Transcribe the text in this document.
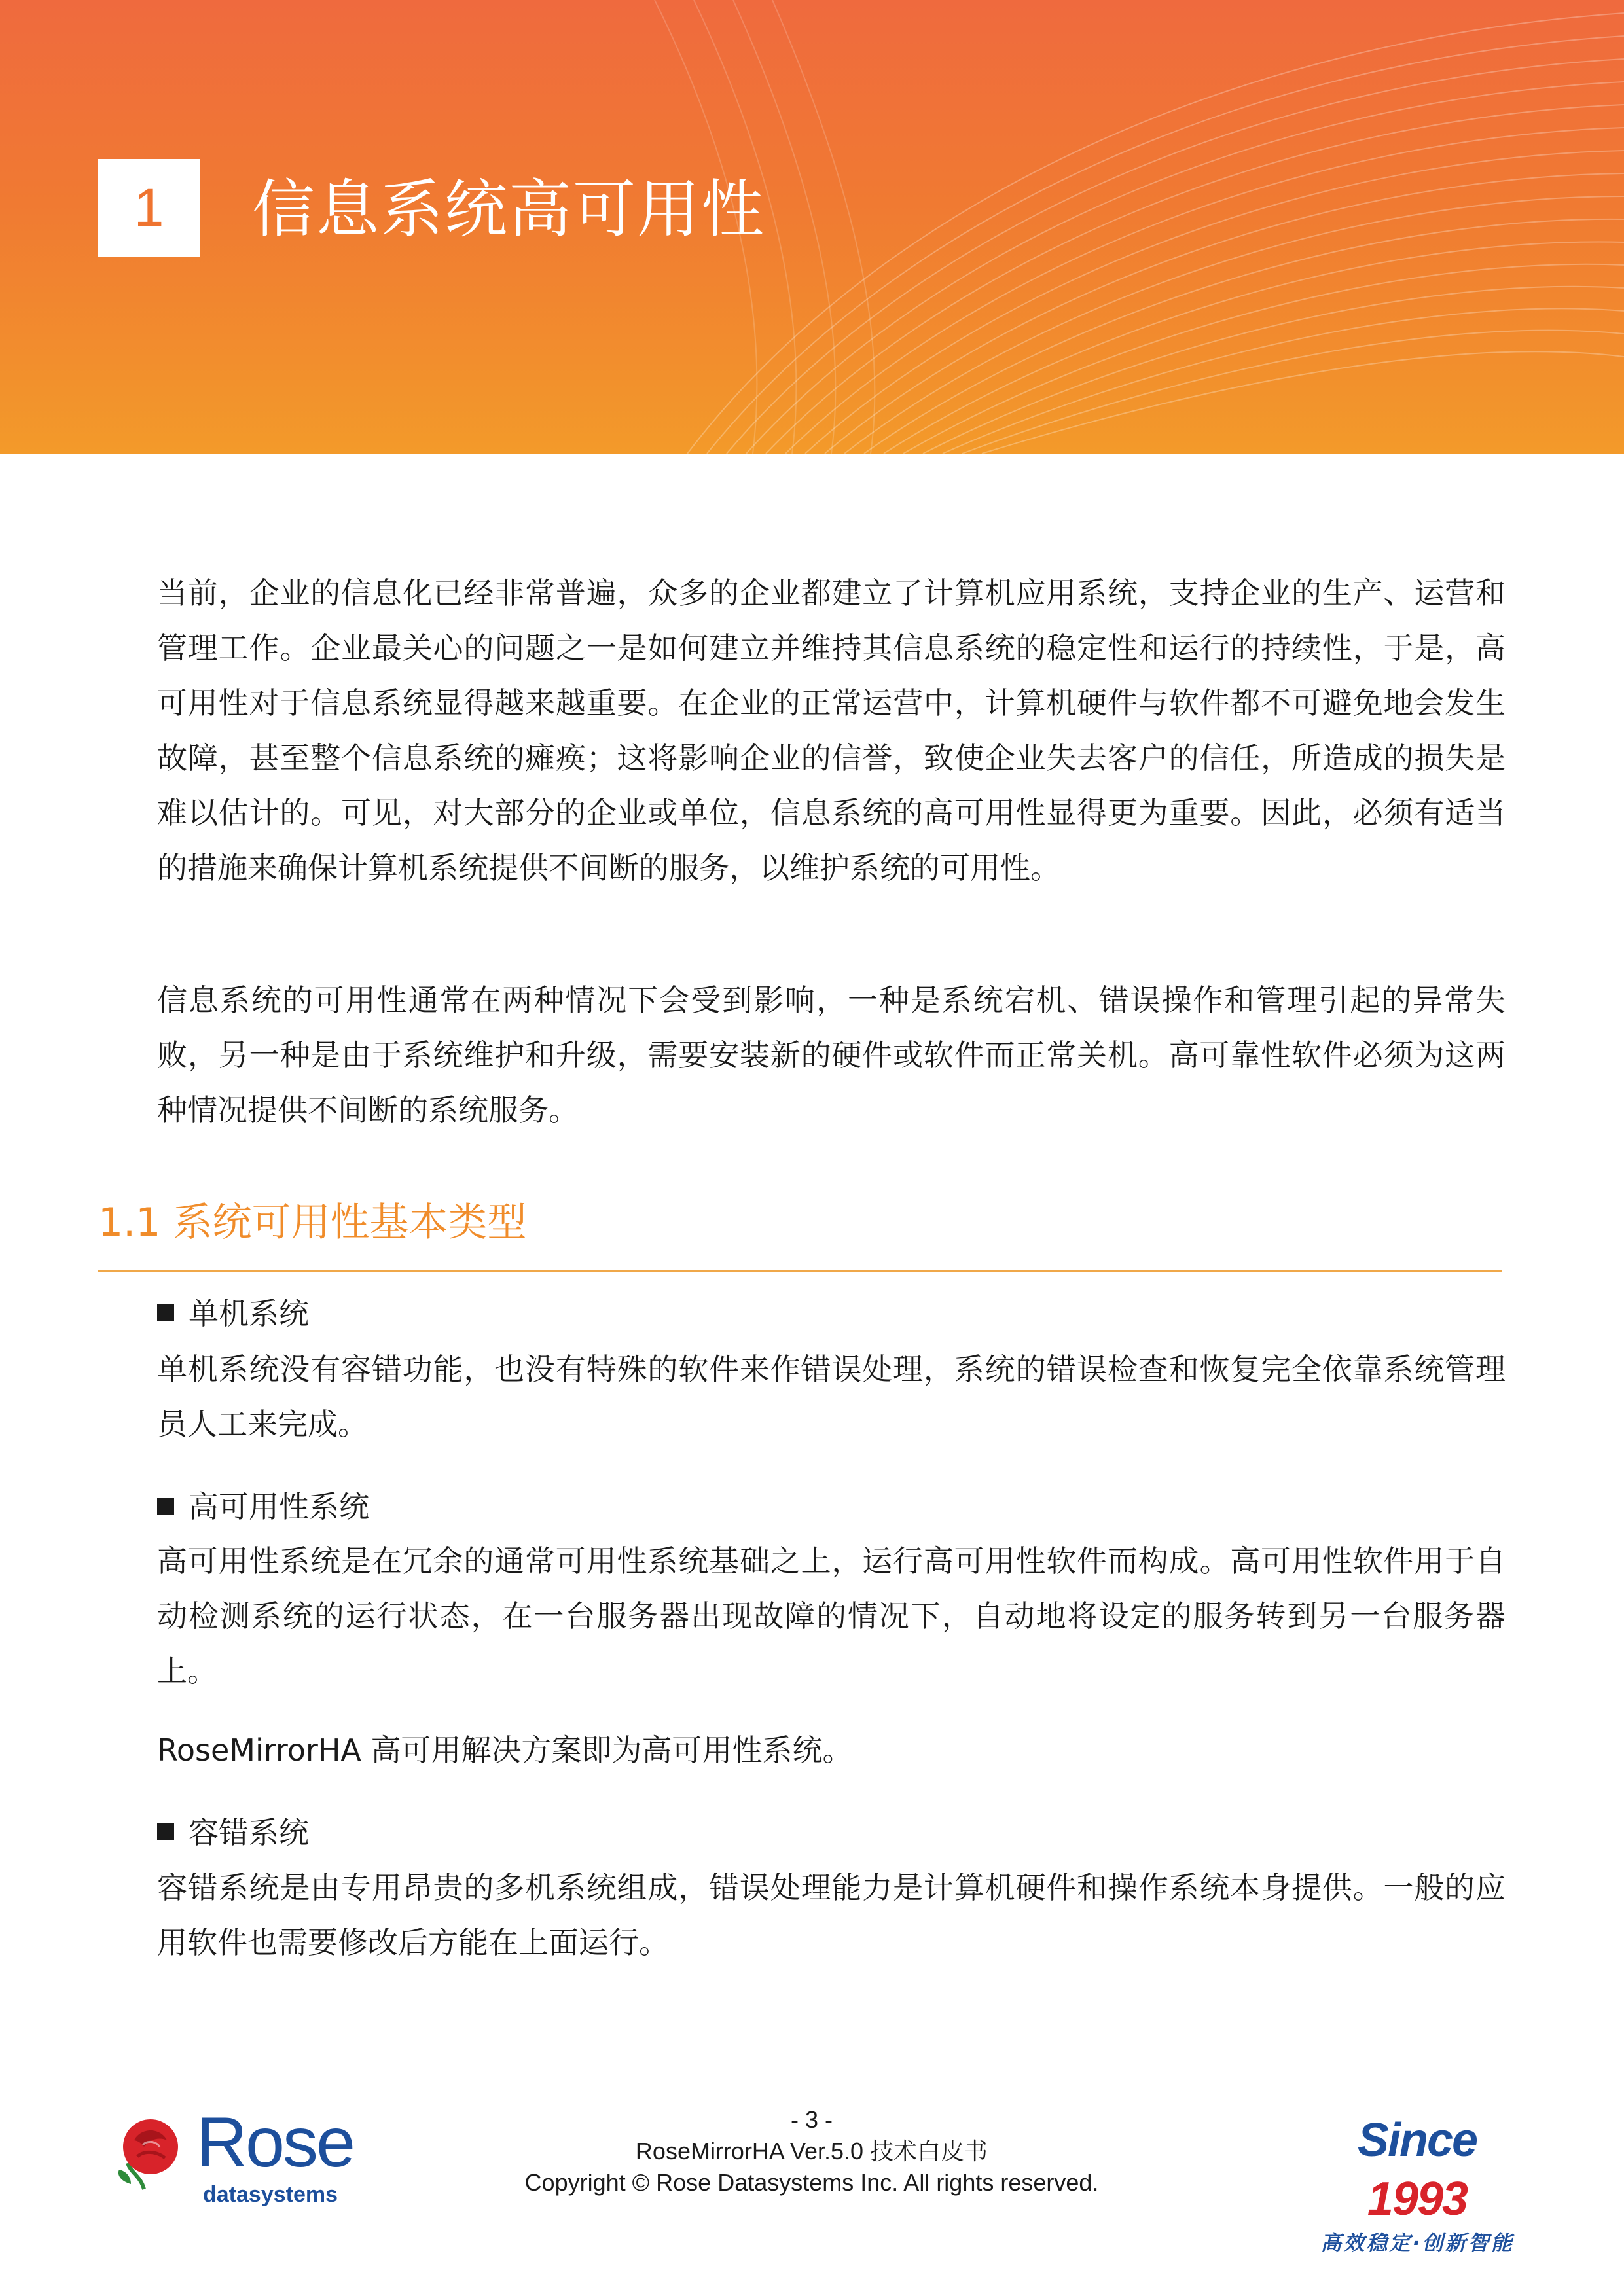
1 信息系统高可用性

当前，企业的信息化已经非常普遍，众多的企业都建立了计算机应用系统，支持企业的生产、运营和管理工作。企业最关心的问题之一是如何建立并维持其信息系统的稳定性和运行的持续性，于是，高可用性对于信息系统显得越来越重要。在企业的正常运营中，计算机硬件与软件都不可避免地会发生故障，甚至整个信息系统的瘫痪；这将影响企业的信誉，致使企业失去客户的信任，所造成的损失是难以估计的。可见，对大部分的企业或单位，信息系统的高可用性显得更为重要。因此，必须有适当的措施来确保计算机系统提供不间断的服务，以维护系统的可用性。

信息系统的可用性通常在两种情况下会受到影响，一种是系统宕机、错误操作和管理引起的异常失败，另一种是由于系统维护和升级，需要安装新的硬件或软件而正常关机。高可靠性软件必须为这两种情况提供不间断的系统服务。

1.1 系统可用性基本类型
单机系统

单机系统没有容错功能，也没有特殊的软件来作错误处理，系统的错误检查和恢复完全依靠系统管理员人工来完成。

高可用性系统

高可用性系统是在冗余的通常可用性系统基础之上，运行高可用性软件而构成。高可用性软件用于自动检测系统的运行状态，在一台服务器出现故障的情况下，自动地将设定的服务转到另一台服务器上。

RoseMirrorHA 高可用解决方案即为高可用性系统。

容错系统

容错系统是由专用昂贵的多机系统组成，错误处理能力是计算机硬件和操作系统本身提供。一般的应用软件也需要修改后方能在上面运行。

Rose
datasystems
- 3 -
RoseMirrorHA Ver.5.0 技术白皮书
Copyright © Rose Datasystems Inc. All rights reserved.
Since 1993
高效稳定·创新智能
